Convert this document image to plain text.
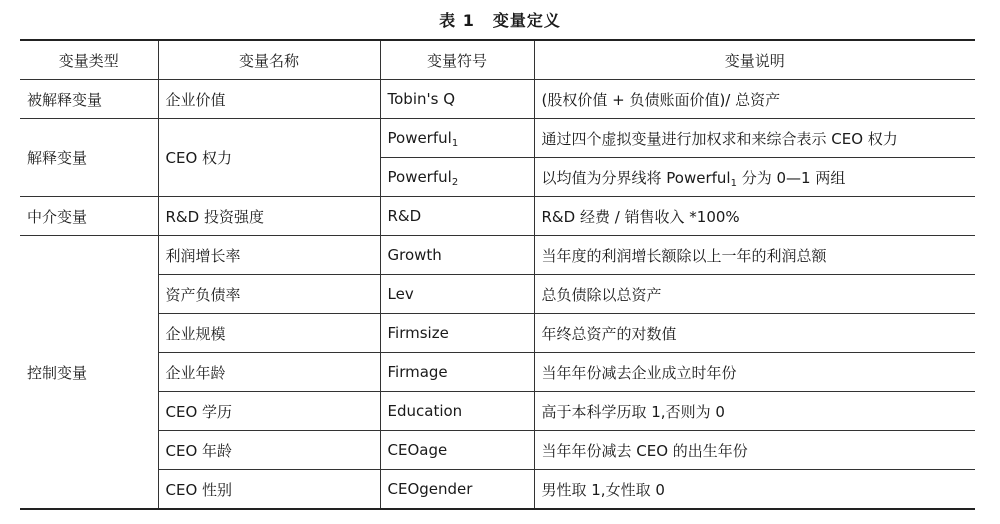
表 1 变量定义
变量类型	变量名称	变量符号	变量说明
被解释变量	企业价值	Tobin's Q	(股权价值 + 负债账面价值)/ 总资产
解释变量	CEO 权力	Powerful$_1$	通过四个虚拟变量进行加权求和来综合表示 CEO 权力
		Powerful$_2$	以均值为分界线将 Powerful$_1$ 分为 0—1 两组
中介变量	R&D 投资强度	R&D	R&D 经费 / 销售收入 *100%
控制变量	利润增长率	Growth	当年度的利润增长额除以上一年的利润总额
	资产负债率	Lev	总负债除以总资产
	企业规模	Firmsize	年终总资产的对数值
	企业年龄	Firmage	当年年份减去企业成立时年份
	CEO 学历	Education	高于本科学历取 1,否则为 0
	CEO 年龄	CEOage	当年年份减去 CEO 的出生年份
	CEO 性别	CEOgender	男性取 1,女性取 0
